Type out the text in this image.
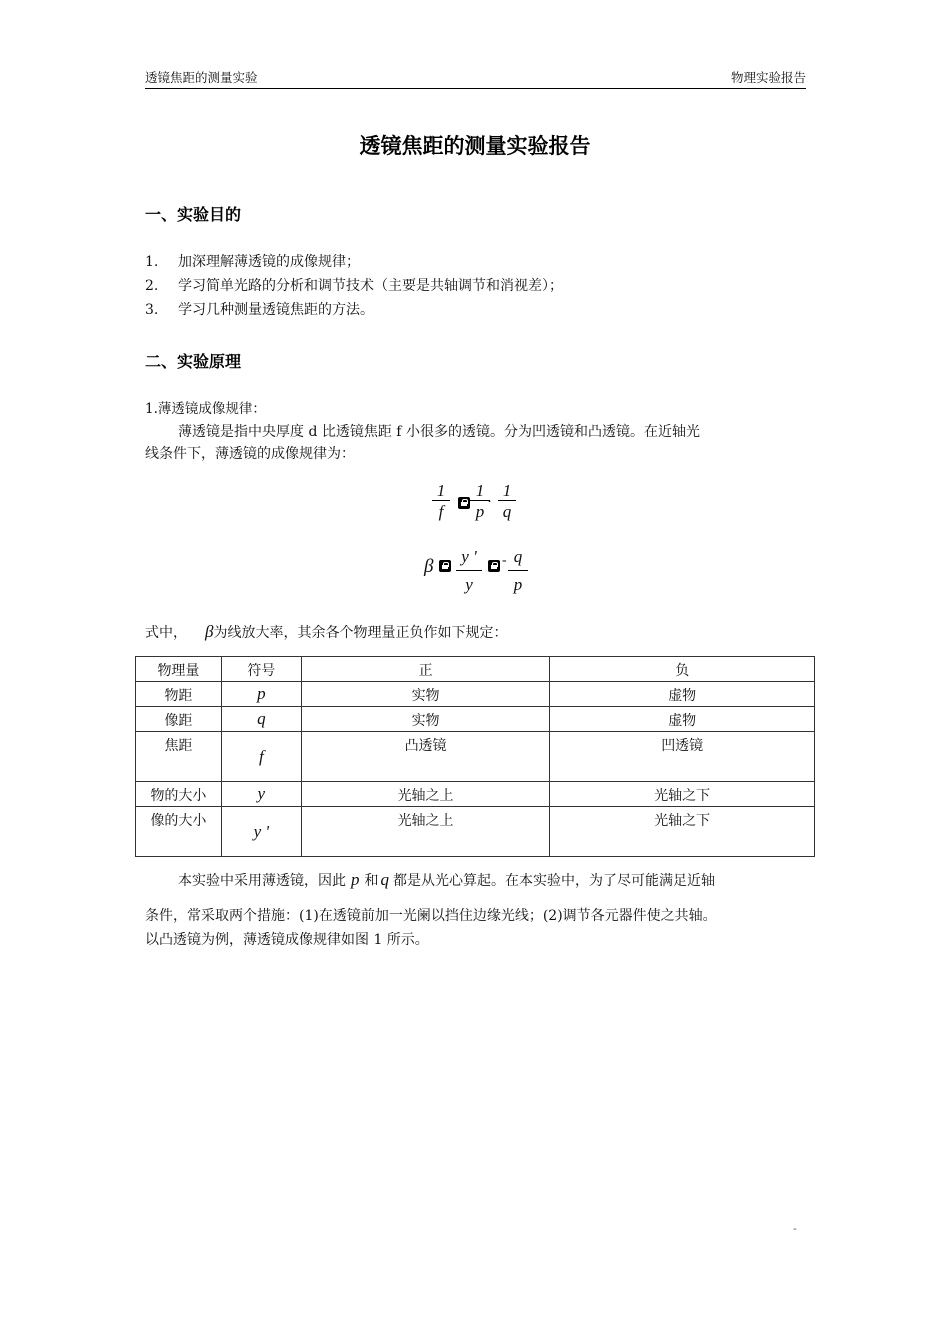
透镜焦距的测量实验	物理实验报告
透镜焦距的测量实验报告
一、实验目的
1. 加深理解薄透镜的成像规律；
2. 学习简单光路的分析和调节技术（主要是共轴调节和消视差）；
3. 学习几种测量透镜焦距的方法。
二、实验原理
1.薄透镜成像规律：
薄透镜是指中央厚度 d 比透镜焦距 f 小很多的透镜。分为凹透镜和凸透镜。在近轴光
线条件下，薄透镜的成像规律为：
$\frac{1}{f} \frac{1}{p}$
· $\frac{1}{q}$
β $\frac{y '}{y} - \frac{q}{p}$
式中， β为线放大率，其余各个物理量正负作如下规定：
物理量	符号	正	负
物距	p	实物	虚物
像距	q	实物	虚物
焦距	f	凸透镜	凹透镜
物的大小	y	光轴之上	光轴之下
像的大小	y '	光轴之上	光轴之下
本实验中采用薄透镜，因此 p 和 q 都是从光心算起。在本实验中，为了尽可能满足近轴
条件，常采取两个措施：(1)在透镜前加一光阑以挡住边缘光线；(2)调节各元器件使之共轴。
以凸透镜为例，薄透镜成像规律如图 1 所示。
-
